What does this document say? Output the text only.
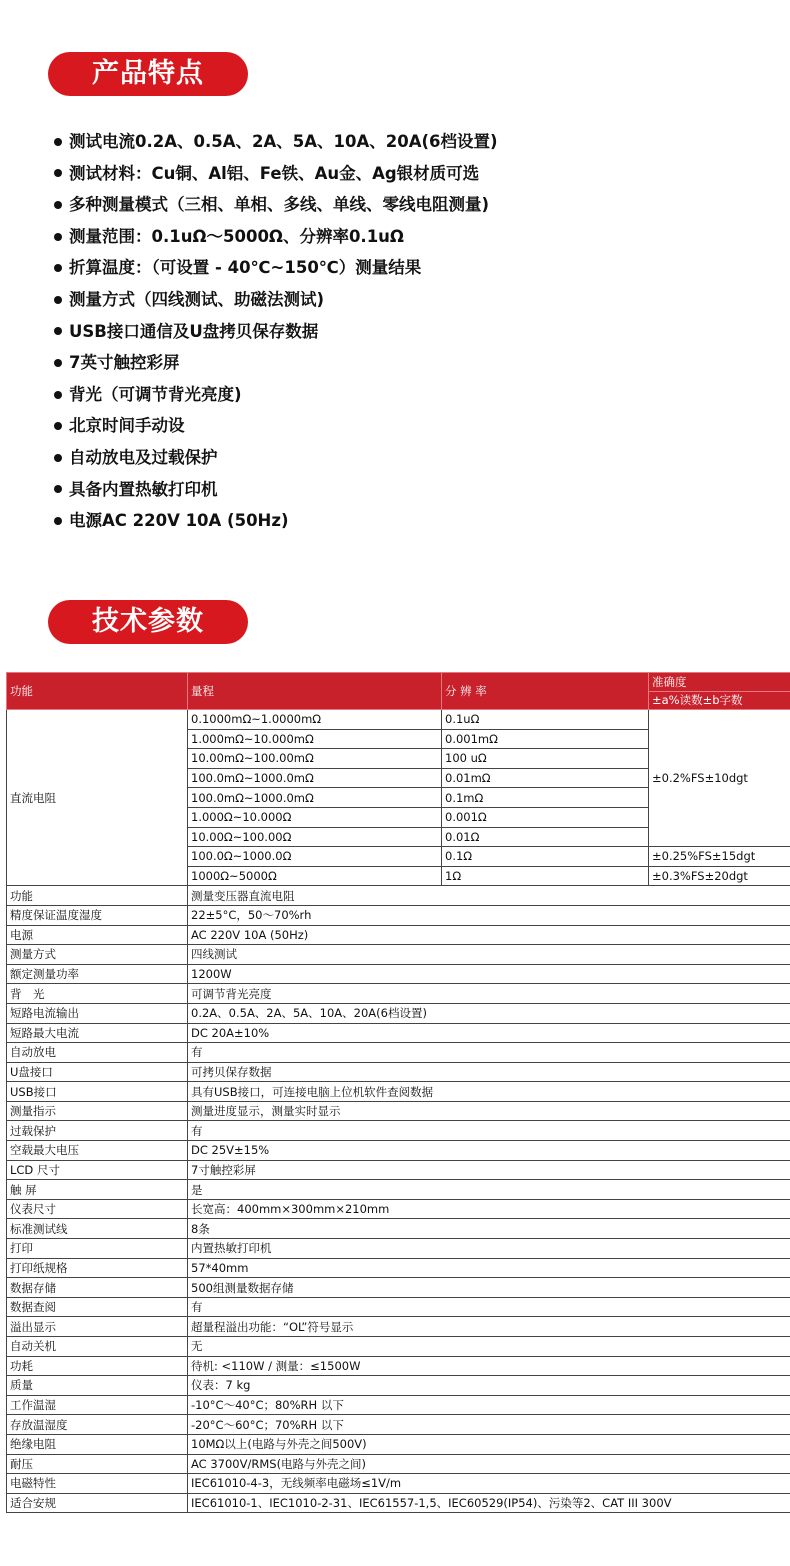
产品特点
测试电流0.2A、0.5A、2A、5A、10A、20A(6档设置)
测试材料：Cu铜、Al铝、Fe铁、Au金、Ag银材质可选
多种测量模式（三相、单相、多线、单线、零线电阻测量)
测量范围：0.1uΩ～5000Ω、分辨率0.1uΩ
折算温度：（可设置 - 40℃~150℃）测量结果
测量方式（四线测试、助磁法测试)
USB接口通信及U盘拷贝保存数据
7英寸触控彩屏
背光（可调节背光亮度)
北京时间手动设
自动放电及过载保护
具备内置热敏打印机
电源AC 220V 10A (50Hz)
技术参数
功能	量程	分 辨 率	准确度
			±a%读数±b字数
直流电阻	0.1000mΩ~1.0000mΩ	0.1uΩ	±0.2%FS±10dgt
	1.000mΩ~10.000mΩ	0.001mΩ	
	10.00mΩ~100.00mΩ	100 uΩ	
	100.0mΩ~1000.0mΩ	0.01mΩ	
	100.0mΩ~1000.0mΩ	0.1mΩ	
	1.000Ω~10.000Ω	0.001Ω	
	10.00Ω~100.00Ω	0.01Ω	
	100.0Ω~1000.0Ω	0.1Ω	±0.25%FS±15dgt
	1000Ω~5000Ω	1Ω	±0.3%FS±20dgt
功能	测量变压器直流电阻		
精度保证温度湿度	22±5°C，50～70%rh		
电源	AC 220V 10A (50Hz)		
测量方式	四线测试		
额定测量功率	1200W		
背　光	可调节背光亮度		
短路电流输出	0.2A、0.5A、2A、5A、10A、20A(6档设置)		
短路最大电流	DC 20A±10%		
自动放电	有		
U盘接口	可拷贝保存数据		
USB接口	具有USB接口，可连接电脑上位机软件查阅数据		
测量指示	测量进度显示，测量实时显示		
过载保护	有		
空载最大电压	DC 25V±15%		
LCD 尺寸	7寸触控彩屏		
触 屏	是		
仪表尺寸	长宽高：400mm×300mm×210mm		
标准测试线	8条		
打印	内置热敏打印机		
打印纸规格	57*40mm		
数据存储	500组测量数据存储		
数据查阅	有		
溢出显示	超量程溢出功能：“OL”符号显示		
自动关机	无		
功耗	待机: <110W / 测量：≤1500W		
质量	仪表：7 kg		
工作温湿	-10°C～40°C；80%RH 以下		
存放温湿度	-20°C～60°C；70%RH 以下		
绝缘电阻	10MΩ以上(电路与外壳之间500V)		
耐压	AC 3700V/RMS(电路与外壳之间)		
电磁特性	IEC61010-4-3，无线频率电磁场≤1V/m		
适合安规	IEC61010-1、IEC1010-2-31、IEC61557-1,5、IEC60529(IP54)、污染等2、CAT III 300V		
